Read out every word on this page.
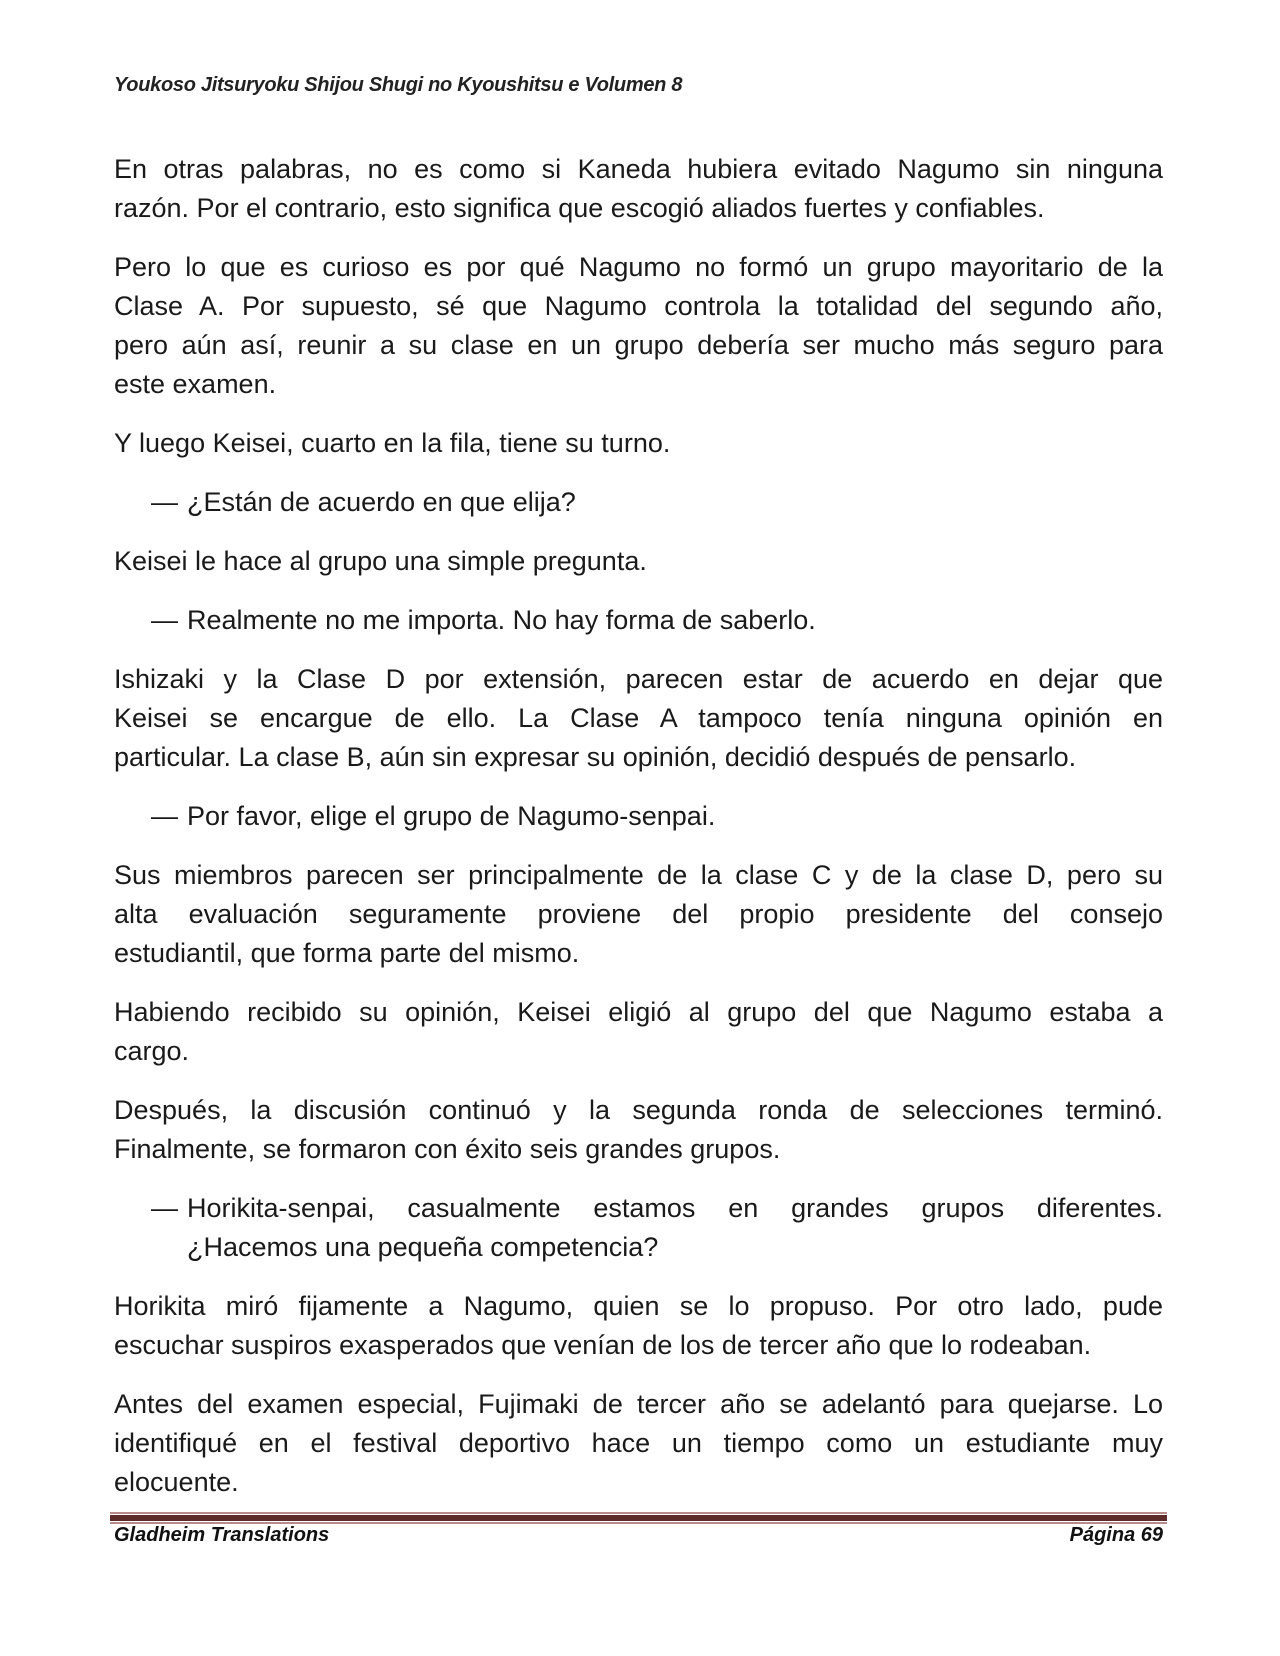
Youkoso Jitsuryoku Shijou Shugi no Kyoushitsu e Volumen 8
En otras palabras, no es como si Kaneda hubiera evitado Nagumo sin ninguna
razón. Por el contrario, esto significa que escogió aliados fuertes y confiables.
Pero lo que es curioso es por qué Nagumo no formó un grupo mayoritario de la
Clase A. Por supuesto, sé que Nagumo controla la totalidad del segundo año,
pero aún así, reunir a su clase en un grupo debería ser mucho más seguro para
este examen.
Y luego Keisei, cuarto en la fila, tiene su turno.
— ¿Están de acuerdo en que elija?
Keisei le hace al grupo una simple pregunta.
— Realmente no me importa. No hay forma de saberlo.
Ishizaki y la Clase D por extensión, parecen estar de acuerdo en dejar que
Keisei se encargue de ello. La Clase A tampoco tenía ninguna opinión en
particular. La clase B, aún sin expresar su opinión, decidió después de pensarlo.
— Por favor, elige el grupo de Nagumo-senpai.
Sus miembros parecen ser principalmente de la clase C y de la clase D, pero su
alta evaluación seguramente proviene del propio presidente del consejo
estudiantil, que forma parte del mismo.
Habiendo recibido su opinión, Keisei eligió al grupo del que Nagumo estaba a
cargo.
Después, la discusión continuó y la segunda ronda de selecciones terminó.
Finalmente, se formaron con éxito seis grandes grupos.
— Horikita-senpai, casualmente estamos en grandes grupos diferentes.
¿Hacemos una pequeña competencia?
Horikita miró fijamente a Nagumo, quien se lo propuso. Por otro lado, pude
escuchar suspiros exasperados que venían de los de tercer año que lo rodeaban.
Antes del examen especial, Fujimaki de tercer año se adelantó para quejarse. Lo
identifiqué en el festival deportivo hace un tiempo como un estudiante muy
elocuente.
Gladheim Translations	Página 69
